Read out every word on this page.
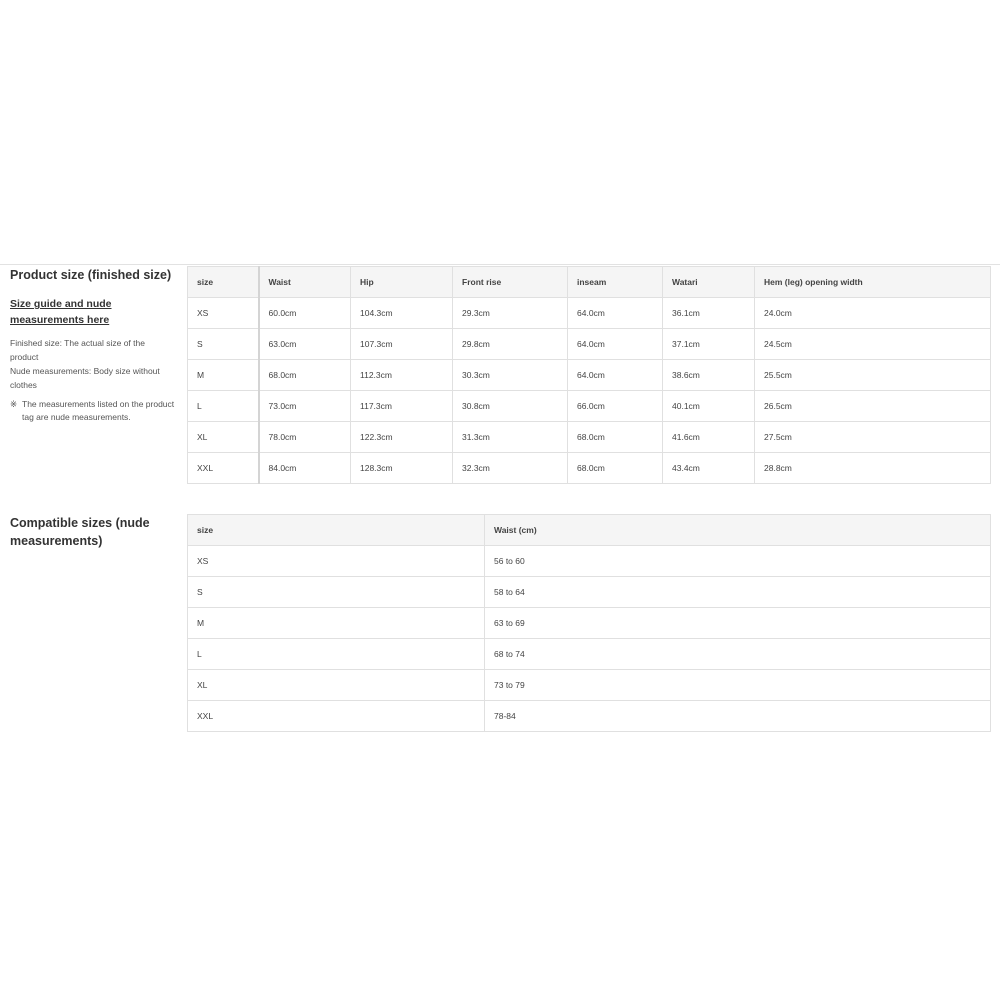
Product size (finished size)
Size guide and nude measurements here

Finished size: The actual size of the product

Nude measurements: Body size without clothes

※ The measurements listed on the product tag are nude measurements.
size	Waist	Hip	Front rise	inseam	Watari	Hem (leg) opening width
XS	60.0cm	104.3cm	29.3cm	64.0cm	36.1cm	24.0cm
S	63.0cm	107.3cm	29.8cm	64.0cm	37.1cm	24.5cm
M	68.0cm	112.3cm	30.3cm	64.0cm	38.6cm	25.5cm
L	73.0cm	117.3cm	30.8cm	66.0cm	40.1cm	26.5cm
XL	78.0cm	122.3cm	31.3cm	68.0cm	41.6cm	27.5cm
XXL	84.0cm	128.3cm	32.3cm	68.0cm	43.4cm	28.8cm
Compatible sizes (nude measurements)
size	Waist (cm)
XS	56 to 60
S	58 to 64
M	63 to 69
L	68 to 74
XL	73 to 79
XXL	78-84
